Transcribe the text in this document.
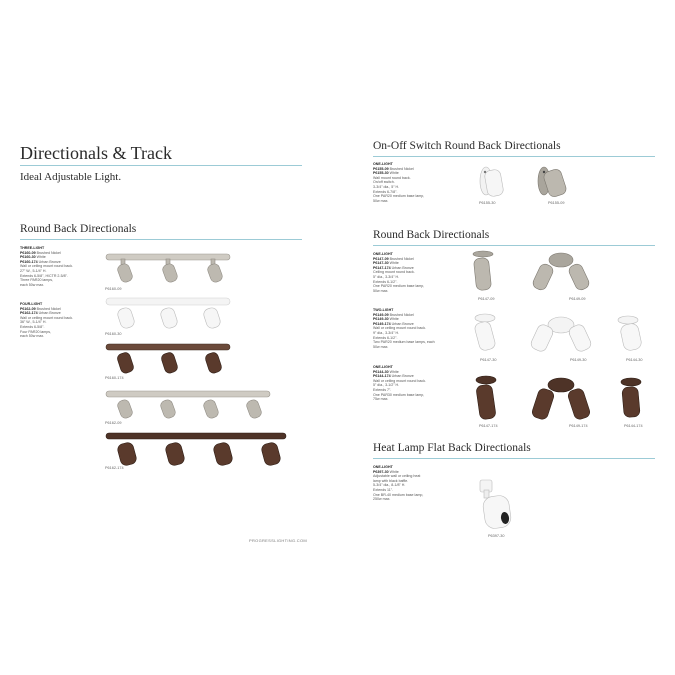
Directionals & Track
Ideal Adjustable Light.
Round Back Directionals
THREE-LIGHT
P6160-09 Brushed Nickel
P6160-30 White
P6160-174 Urban Bronze
Wall or ceiling mount round back.
27" W., 5-1/4" H.
Extends 6-5/8", H/CTR 2-5/8".
Three PAR20 lamps,
each 50w max.
FOUR-LIGHT
P6162-09 Brushed Nickel
P6162-174 Urban Bronze
Wall or ceiling mount round back.
36" W., 5-1/4" H.
Extends 6-5/8".
Four PAR20 lamps,
each 50w max.
P6160-09
P6160-30
P6160-174
P6162-09
P6162-174
PROGRESSLIGHTING.COM
On-Off Switch Round Back Directionals
ONE-LIGHT
P6155-09 Brushed Nickel
P6155-30 White
Wall mount round back.
On/off switch.
3-3/4" dia., 5" H.
Extends 6-7/8".
One PAR20 medium base lamp,
50w max.
P6155-30	P6155-09
Round Back Directionals
ONE-LIGHT
P6147-09 Brushed Nickel
P6147-30 White
P6147-174 Urban Bronze
Ceiling mount round back.
5" dia., 3-3/4" H.
Extends 6-1/2".
One PAR20 medium base lamp,
50w max.
TWO-LIGHT
P6149-09 Brushed Nickel
P6149-30 White
P6149-174 Urban Bronze
Wall or ceiling mount round back.
9" dia., 3-3/4" H.
Extends 6-1/2".
Two PAR20 medium base lamps, each
50w max.
ONE-LIGHT
P6144-30 White
P6144-174 Urban Bronze
Wall or ceiling mount round back.
5" dia., 3-1/2" H.
Extends 7".
One PAR30 medium base lamp,
75w max.
P6147-09	P6149-09
P6147-30	P6149-30	P6144-30
P6147-174	P6149-174	P6144-174
Heat Lamp Flat Back Directionals
ONE-LIGHT
P6397-30 White
Adjustable wall or ceiling heat
lamp with black baffle.
5-3/4" dia., 8-1/8" H.
Extends 11".
One BR-40 medium base lamp,
250w max.
P6397-30
